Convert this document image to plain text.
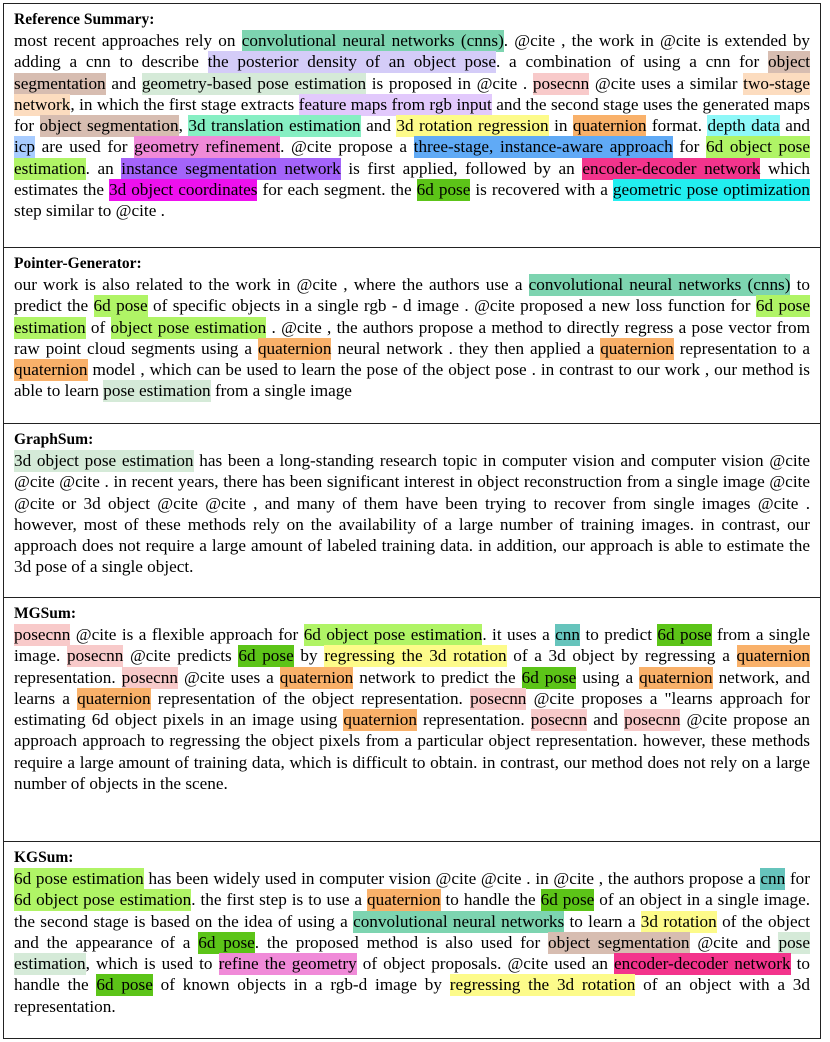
Reference Summary:
most recent approaches rely on convolutional neural networks (cnns). @cite , the work in @cite is extended by adding a cnn to describe the posterior density of an object pose. a combination of using a cnn for object segmentation and geometry-based pose estimation is proposed in @cite . posecnn @cite uses a similar two-stage network, in which the first stage extracts feature maps from rgb input and the second stage uses the generated maps for object segmentation, 3d translation estimation and 3d rotation regression in quaternion format. depth data and icp are used for geometry refinement. @cite propose a three-stage, instance-aware approach for 6d object pose estimation. an instance segmentation network is first applied, followed by an encoder-decoder network which estimates the 3d object coordinates for each segment. the 6d pose is recovered with a geometric pose optimization step similar to @cite .
Pointer-Generator:
our work is also related to the work in @cite , where the authors use a convolutional neural networks (cnns) to predict the 6d pose of specific objects in a single rgb - d image . @cite proposed a new loss function for 6d pose estimation of object pose estimation . @cite , the authors propose a method to directly regress a pose vector from raw point cloud segments using a quaternion neural network . they then applied a quaternion representation to a quaternion model , which can be used to learn the pose of the object pose . in contrast to our work , our method is able to learn pose estimation from a single image
GraphSum:
3d object pose estimation has been a long-standing research topic in computer vision and computer vision @cite @cite @cite . in recent years, there has been significant interest in object reconstruction from a single image @cite @cite or 3d object @cite @cite , and many of them have been trying to recover from single images @cite . however, most of these methods rely on the availability of a large number of training images. in contrast, our approach does not require a large amount of labeled training data. in addition, our approach is able to estimate the 3d pose of a single object.
MGSum:
posecnn @cite is a flexible approach for 6d object pose estimation. it uses a cnn to predict 6d pose from a single image. posecnn @cite predicts 6d pose by regressing the 3d rotation of a 3d object by regressing a quaternion representation. posecnn @cite uses a quaternion network to predict the 6d pose using a quaternion network, and learns a quaternion representation of the object representation. posecnn @cite proposes a "learns approach for estimating 6d object pixels in an image using quaternion representation. posecnn and posecnn @cite propose an approach approach to regressing the object pixels from a particular object representation. however, these methods require a large amount of training data, which is difficult to obtain. in contrast, our method does not rely on a large number of objects in the scene.
KGSum:
6d pose estimation has been widely used in computer vision @cite @cite . in @cite , the authors propose a cnn for 6d object pose estimation. the first step is to use a quaternion to handle the 6d pose of an object in a single image. the second stage is based on the idea of using a convolutional neural networks to learn a 3d rotation of the object and the appearance of a 6d pose. the proposed method is also used for object segmentation @cite and pose estimation, which is used to refine the geometry of object proposals. @cite used an encoder-decoder network to handle the 6d pose of known objects in a rgb-d image by regressing the 3d rotation of an object with a 3d representation.
